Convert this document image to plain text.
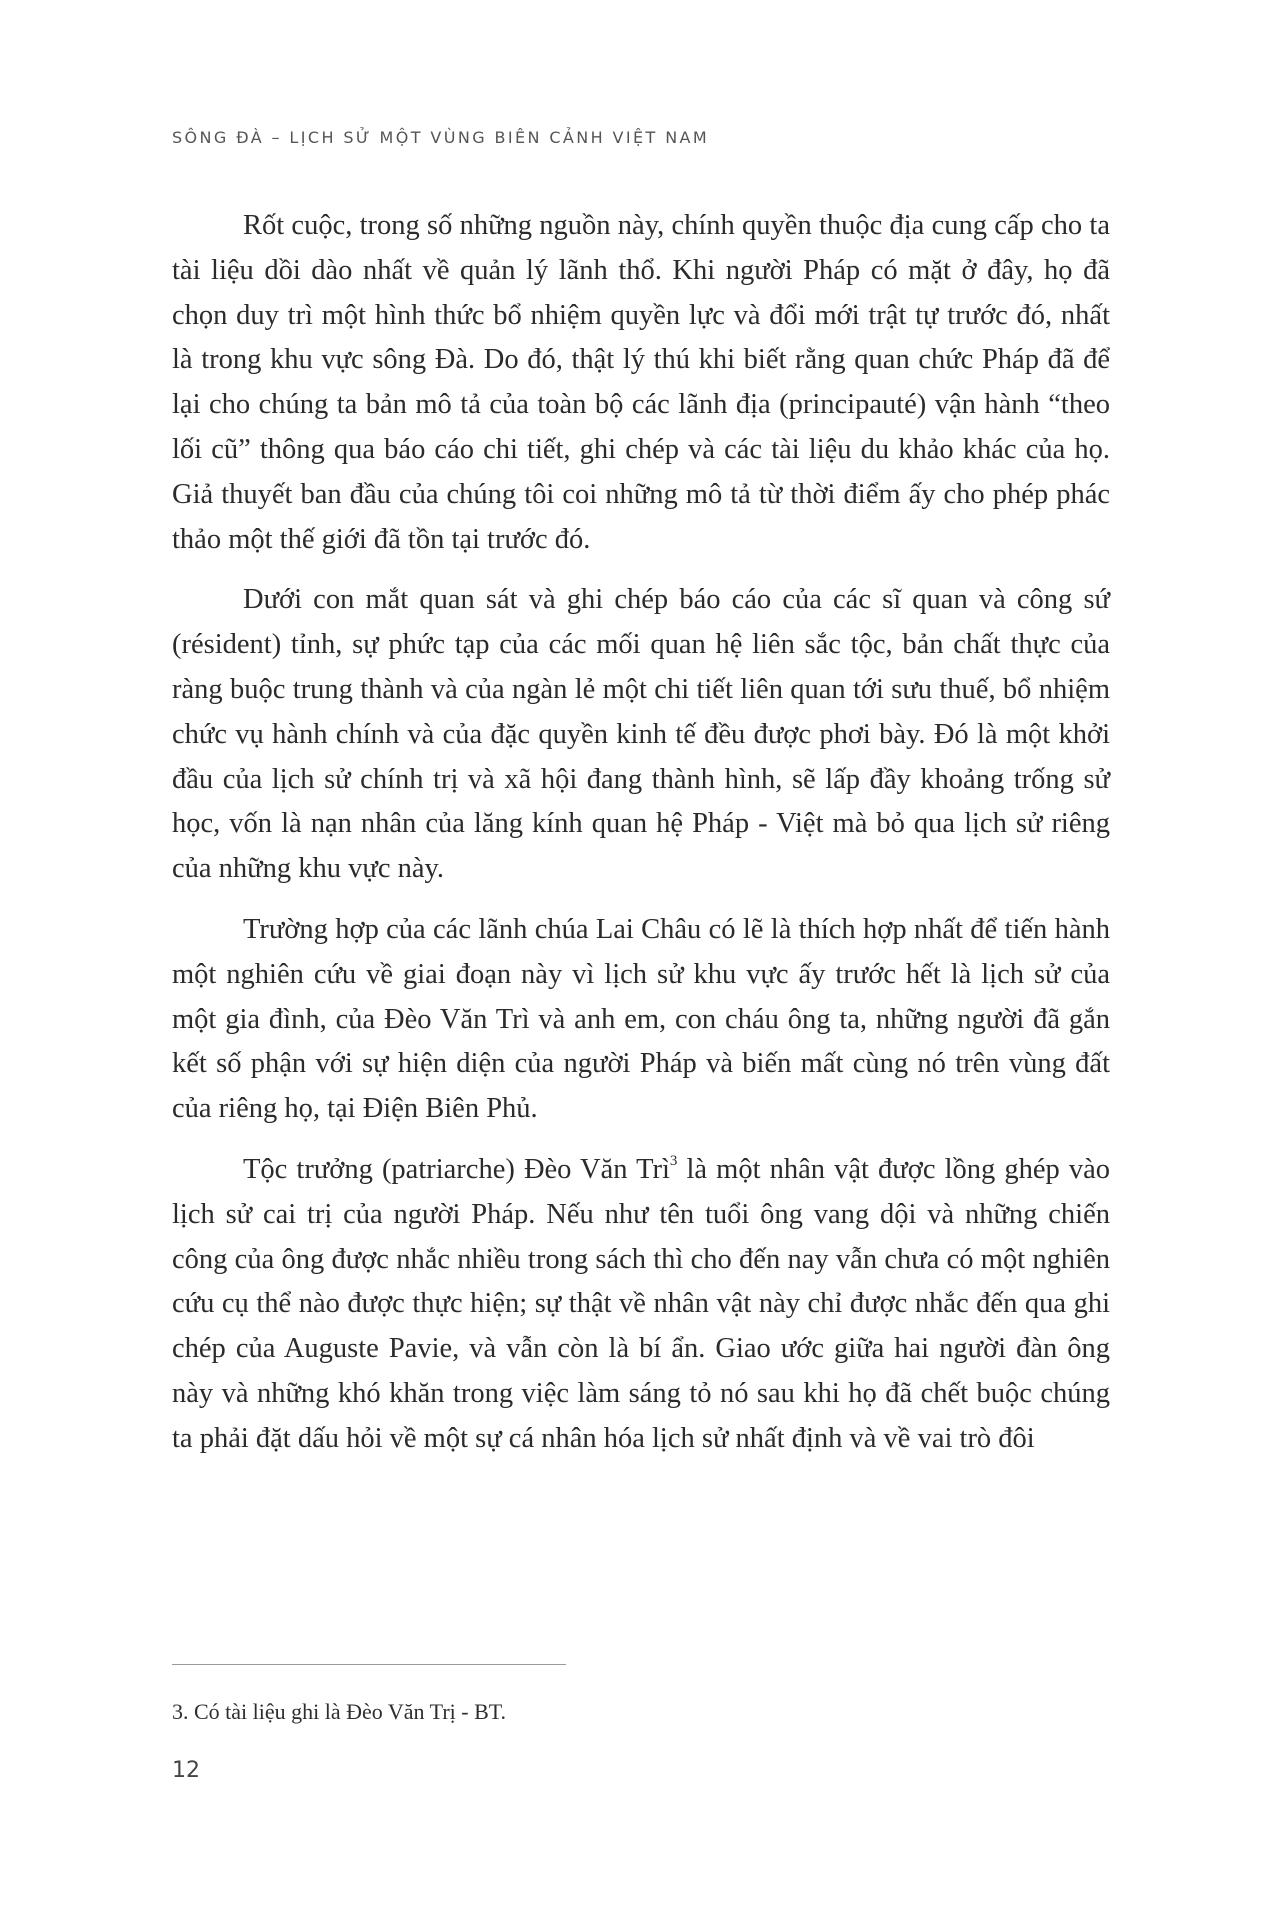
SÔNG ĐÀ – LỊCH SỬ MỘT VÙNG BIÊN CẢNH VIỆT NAM

Rốt cuộc, trong số những nguồn này, chính quyền thuộc địa cung cấp cho ta tài liệu dồi dào nhất về quản lý lãnh thổ. Khi người Pháp có mặt ở đây, họ đã chọn duy trì một hình thức bổ nhiệm quyền lực và đổi mới trật tự trước đó, nhất là trong khu vực sông Đà. Do đó, thật lý thú khi biết rằng quan chức Pháp đã để lại cho chúng ta bản mô tả của toàn bộ các lãnh địa (principauté) vận hành “theo lối cũ” thông qua báo cáo chi tiết, ghi chép và các tài liệu du khảo khác của họ. Giả thuyết ban đầu của chúng tôi coi những mô tả từ thời điểm ấy cho phép phác thảo một thế giới đã tồn tại trước đó.

Dưới con mắt quan sát và ghi chép báo cáo của các sĩ quan và công sứ (résident) tỉnh, sự phức tạp của các mối quan hệ liên sắc tộc, bản chất thực của ràng buộc trung thành và của ngàn lẻ một chi tiết liên quan tới sưu thuế, bổ nhiệm chức vụ hành chính và của đặc quyền kinh tế đều được phơi bày. Đó là một khởi đầu của lịch sử chính trị và xã hội đang thành hình, sẽ lấp đầy khoảng trống sử học, vốn là nạn nhân của lăng kính quan hệ Pháp - Việt mà bỏ qua lịch sử riêng của những khu vực này.

Trường hợp của các lãnh chúa Lai Châu có lẽ là thích hợp nhất để tiến hành một nghiên cứu về giai đoạn này vì lịch sử khu vực ấy trước hết là lịch sử của một gia đình, của Đèo Văn Trì và anh em, con cháu ông ta, những người đã gắn kết số phận với sự hiện diện của người Pháp và biến mất cùng nó trên vùng đất của riêng họ, tại Điện Biên Phủ.

Tộc trưởng (patriarche) Đèo Văn Trì$^3$ là một nhân vật được lồng ghép vào lịch sử cai trị của người Pháp. Nếu như tên tuổi ông vang dội và những chiến công của ông được nhắc nhiều trong sách thì cho đến nay vẫn chưa có một nghiên cứu cụ thể nào được thực hiện; sự thật về nhân vật này chỉ được nhắc đến qua ghi chép của Auguste Pavie, và vẫn còn là bí ẩn. Giao ước giữa hai người đàn ông này và những khó khăn trong việc làm sáng tỏ nó sau khi họ đã chết buộc chúng ta phải đặt dấu hỏi về một sự cá nhân hóa lịch sử nhất định và về vai trò đôi

3. Có tài liệu ghi là Đèo Văn Trị - BT.
12
